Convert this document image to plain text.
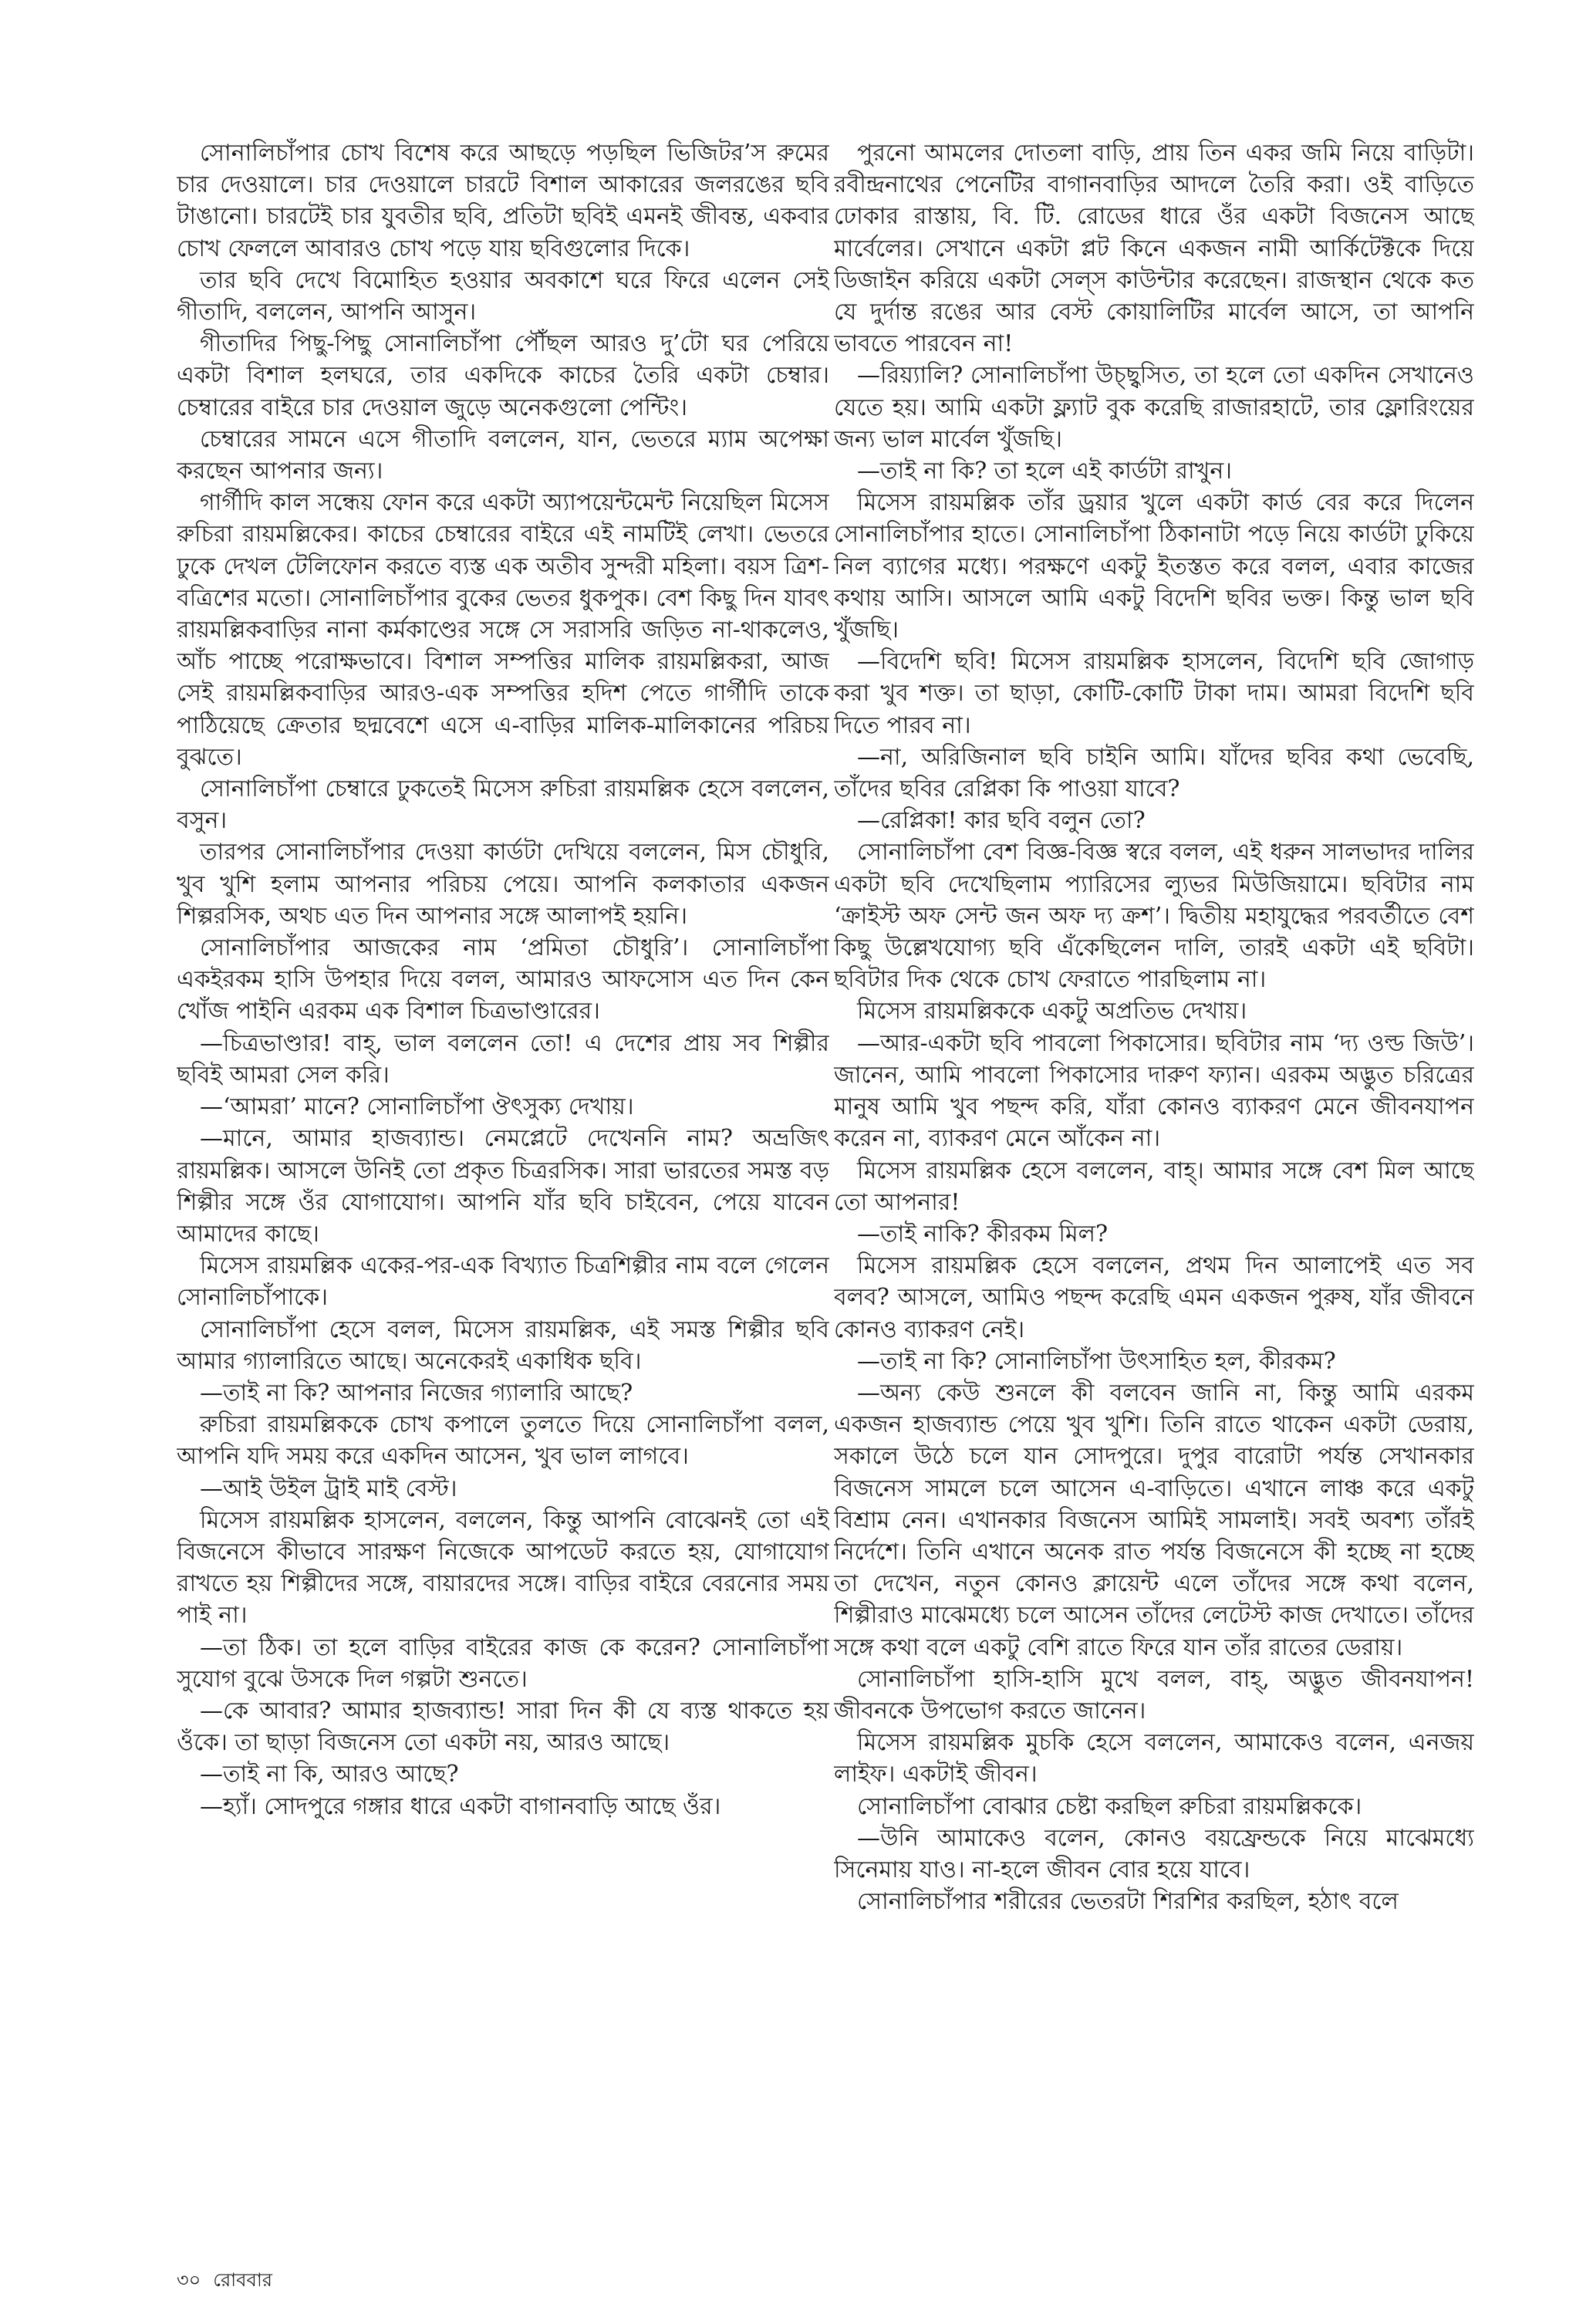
সোনালিচাঁপার চোখ বিশেষ করে আছড়ে পড়ছিল ভিজিটর’স রুমের চার দেওয়ালে। চার দেওয়ালে চারটে বিশাল আকারের জলরঙের ছবি টাঙানো। চারটেই চার যুবতীর ছবি, প্রতিটা ছবিই এমনই জীবন্ত, একবার চোখ ফেললে আবারও চোখ পড়ে যায় ছবিগুলোর দিকে।

তার ছবি দেখে বিমোহিত হওয়ার অবকাশে ঘরে ফিরে এলেন সেই গীতাদি, বললেন, আপনি আসুন।

গীতাদির পিছু-পিছু সোনালিচাঁপা পৌঁছল আরও দু’টো ঘর পেরিয়ে একটা বিশাল হলঘরে, তার একদিকে কাচের তৈরি একটা চেম্বার। চেম্বারের বাইরে চার দেওয়াল জুড়ে অনেকগুলো পেন্টিং।

চেম্বারের সামনে এসে গীতাদি বললেন, যান, ভেতরে ম্যাম অপেক্ষা করছেন আপনার জন্য।

গার্গীদি কাল সন্ধেয় ফোন করে একটা অ্যাপয়েন্টমেন্ট নিয়েছিল মিসেস রুচিরা রায়মল্লিকের। কাচের চেম্বারের বাইরে এই নামটিই লেখা। ভেতরে ঢুকে দেখল টেলিফোন করতে ব্যস্ত এক অতীব সুন্দরী মহিলা। বয়স ত্রিশ-বত্রিশের মতো। সোনালিচাঁপার বুকের ভেতর ধুকপুক। বেশ কিছু দিন যাবৎ রায়মল্লিকবাড়ির নানা কর্মকাণ্ডের সঙ্গে সে সরাসরি জড়িত না-থাকলেও, আঁচ পাচ্ছে পরোক্ষভাবে। বিশাল সম্পত্তির মালিক রায়মল্লিকরা, আজ সেই রায়মল্লিকবাড়ির আরও-এক সম্পত্তির হদিশ পেতে গার্গীদি তাকে পাঠিয়েছে ক্রেতার ছদ্মবেশে এসে এ-বাড়ির মালিক-মালিকানের পরিচয় বুঝতে।

সোনালিচাঁপা চেম্বারে ঢুকতেই মিসেস রুচিরা রায়মল্লিক হেসে বললেন, বসুন।

তারপর সোনালিচাঁপার দেওয়া কার্ডটা দেখিয়ে বললেন, মিস চৌধুরি, খুব খুশি হলাম আপনার পরিচয় পেয়ে। আপনি কলকাতার একজন শিল্পরসিক, অথচ এত দিন আপনার সঙ্গে আলাপই হয়নি।

সোনালিচাঁপার আজকের নাম ‘প্রমিতা চৌধুরি’। সোনালিচাঁপা একইরকম হাসি উপহার দিয়ে বলল, আমারও আফসোস এত দিন কেন খোঁজ পাইনি এরকম এক বিশাল চিত্রভাণ্ডারের।

—চিত্রভাণ্ডার! বাহ্‌, ভাল বললেন তো! এ দেশের প্রায় সব শিল্পীর ছবিই আমরা সেল করি।

—‘আমরা’ মানে? সোনালিচাঁপা ঔৎসুক্য দেখায়।

—মানে, আমার হাজব্যান্ড। নেমপ্লেটে দেখেননি নাম? অভ্রজিৎ রায়মল্লিক। আসলে উনিই তো প্রকৃত চিত্ররসিক। সারা ভারতের সমস্ত বড় শিল্পীর সঙ্গে ওঁর যোগাযোগ। আপনি যাঁর ছবি চাইবেন, পেয়ে যাবেন আমাদের কাছে।

মিসেস রায়মল্লিক একের-পর-এক বিখ্যাত চিত্রশিল্পীর নাম বলে গেলেন সোনালিচাঁপাকে।

সোনালিচাঁপা হেসে বলল, মিসেস রায়মল্লিক, এই সমস্ত শিল্পীর ছবি আমার গ্যালারিতে আছে। অনেকেরই একাধিক ছবি।

—তাই না কি? আপনার নিজের গ্যালারি আছে?

রুচিরা রায়মল্লিককে চোখ কপালে তুলতে দিয়ে সোনালিচাঁপা বলল, আপনি যদি সময় করে একদিন আসেন, খুব ভাল লাগবে।

—আই উইল ট্রাই মাই বেস্ট।

মিসেস রায়মল্লিক হাসলেন, বললেন, কিন্তু আপনি বোঝেনই তো এই বিজনেসে কীভাবে সারক্ষণ নিজেকে আপডেট করতে হয়, যোগাযোগ রাখতে হয় শিল্পীদের সঙ্গে, বায়ারদের সঙ্গে। বাড়ির বাইরে বেরনোর সময় পাই না।

—তা ঠিক। তা হলে বাড়ির বাইরের কাজ কে করেন? সোনালিচাঁপা সুযোগ বুঝে উসকে দিল গল্পটা শুনতে।

—কে আবার? আমার হাজব্যান্ড! সারা দিন কী যে ব্যস্ত থাকতে হয় ওঁকে। তা ছাড়া বিজনেস তো একটা নয়, আরও আছে।

—তাই না কি, আরও আছে?

—হ্যাঁ। সোদপুরে গঙ্গার ধারে একটা বাগানবাড়ি আছে ওঁর।

পুরনো আমলের দোতলা বাড়ি, প্রায় তিন একর জমি নিয়ে বাড়িটা। রবীন্দ্রনাথের পেনেটির বাগানবাড়ির আদলে তৈরি করা। ওই বাড়িতে ঢোকার রাস্তায়, বি. টি. রোডের ধারে ওঁর একটা বিজনেস আছে মার্বেলের। সেখানে একটা প্লট কিনে একজন নামী আর্কিটেক্টকে দিয়ে ডিজাইন করিয়ে একটা সেল্‌স কাউন্টার করেছেন। রাজস্থান থেকে কত যে দুর্দান্ত রঙের আর বেস্ট কোয়ালিটির মার্বেল আসে, তা আপনি ভাবতে পারবেন না!

—রিয়্যালি? সোনালিচাঁপা উচ্ছ্বসিত, তা হলে তো একদিন সেখানেও যেতে হয়। আমি একটা ফ্ল্যাট বুক করেছি রাজারহাটে, তার ফ্লোরিংয়ের জন্য ভাল মার্বেল খুঁজছি।

—তাই না কি? তা হলে এই কার্ডটা রাখুন।

মিসেস রায়মল্লিক তাঁর ড্রয়ার খুলে একটা কার্ড বের করে দিলেন সোনালিচাঁপার হাতে। সোনালিচাঁপা ঠিকানাটা পড়ে নিয়ে কার্ডটা ঢুকিয়ে নিল ব্যাগের মধ্যে। পরক্ষণে একটু ইতস্তত করে বলল, এবার কাজের কথায় আসি। আসলে আমি একটু বিদেশি ছবির ভক্ত। কিন্তু ভাল ছবি খুঁজছি।

—বিদেশি ছবি! মিসেস রায়মল্লিক হাসলেন, বিদেশি ছবি জোগাড় করা খুব শক্ত। তা ছাড়া, কোটি-কোটি টাকা দাম। আমরা বিদেশি ছবি দিতে পারব না।

—না, অরিজিনাল ছবি চাইনি আমি। যাঁদের ছবির কথা ভেবেছি, তাঁদের ছবির রেপ্লিকা কি পাওয়া যাবে?

—রেপ্লিকা! কার ছবি বলুন তো?

সোনালিচাঁপা বেশ বিজ্ঞ-বিজ্ঞ স্বরে বলল, এই ধরুন সালভাদর দালির একটা ছবি দেখেছিলাম প্যারিসের ল্যুভর মিউজিয়ামে। ছবিটার নাম ‘ক্রাইস্ট অফ সেন্ট জন অফ দ্য ক্রশ’। দ্বিতীয় মহাযুদ্ধের পরবর্তীতে বেশ কিছু উল্লেখযোগ্য ছবি এঁকেছিলেন দালি, তারই একটা এই ছবিটা। ছবিটার দিক থেকে চোখ ফেরাতে পারছিলাম না।

মিসেস রায়মল্লিককে একটু অপ্রতিভ দেখায়।

—আর-একটা ছবি পাবলো পিকাসোর। ছবিটার নাম ‘দ্য ওল্ড জিউ’। জানেন, আমি পাবলো পিকাসোর দারুণ ফ্যান। এরকম অদ্ভুত চরিত্রের মানুষ আমি খুব পছন্দ করি, যাঁরা কোনও ব্যাকরণ মেনে জীবনযাপন করেন না, ব্যাকরণ মেনে আঁকেন না।

মিসেস রায়মল্লিক হেসে বললেন, বাহ্‌। আমার সঙ্গে বেশ মিল আছে তো আপনার!

—তাই নাকি? কীরকম মিল?

মিসেস রায়মল্লিক হেসে বললেন, প্রথম দিন আলাপেই এত সব বলব? আসলে, আমিও পছন্দ করেছি এমন একজন পুরুষ, যাঁর জীবনে কোনও ব্যাকরণ নেই।

—তাই না কি? সোনালিচাঁপা উৎসাহিত হল, কীরকম?

—অন্য কেউ শুনলে কী বলবেন জানি না, কিন্তু আমি এরকম একজন হাজব্যান্ড পেয়ে খুব খুশি। তিনি রাতে থাকেন একটা ডেরায়, সকালে উঠে চলে যান সোদপুরে। দুপুর বারোটা পর্যন্ত সেখানকার বিজনেস সামলে চলে আসেন এ-বাড়িতে। এখানে লাঞ্চ করে একটু বিশ্রাম নেন। এখানকার বিজনেস আমিই সামলাই। সবই অবশ্য তাঁরই নির্দেশে। তিনি এখানে অনেক রাত পর্যন্ত বিজনেসে কী হচ্ছে না হচ্ছে তা দেখেন, নতুন কোনও ক্লায়েন্ট এলে তাঁদের সঙ্গে কথা বলেন, শিল্পীরাও মাঝেমধ্যে চলে আসেন তাঁদের লেটেস্ট কাজ দেখাতে। তাঁদের সঙ্গে কথা বলে একটু বেশি রাতে ফিরে যান তাঁর রাতের ডেরায়।

সোনালিচাঁপা হাসি-হাসি মুখে বলল, বাহ্‌, অদ্ভুত জীবনযাপন! জীবনকে উপভোগ করতে জানেন।

মিসেস রায়মল্লিক মুচকি হেসে বললেন, আমাকেও বলেন, এনজয় লাইফ। একটাই জীবন।

সোনালিচাঁপা বোঝার চেষ্টা করছিল রুচিরা রায়মল্লিককে।

—উনি আমাকেও বলেন, কোনও বয়ফ্রেন্ডকে নিয়ে মাঝেমধ্যে সিনেমায় যাও। না-হলে জীবন বোর হয়ে যাবে।

সোনালিচাঁপার শরীরের ভেতরটা শিরশির করছিল, হঠাৎ বলে

৩০ রোববার
